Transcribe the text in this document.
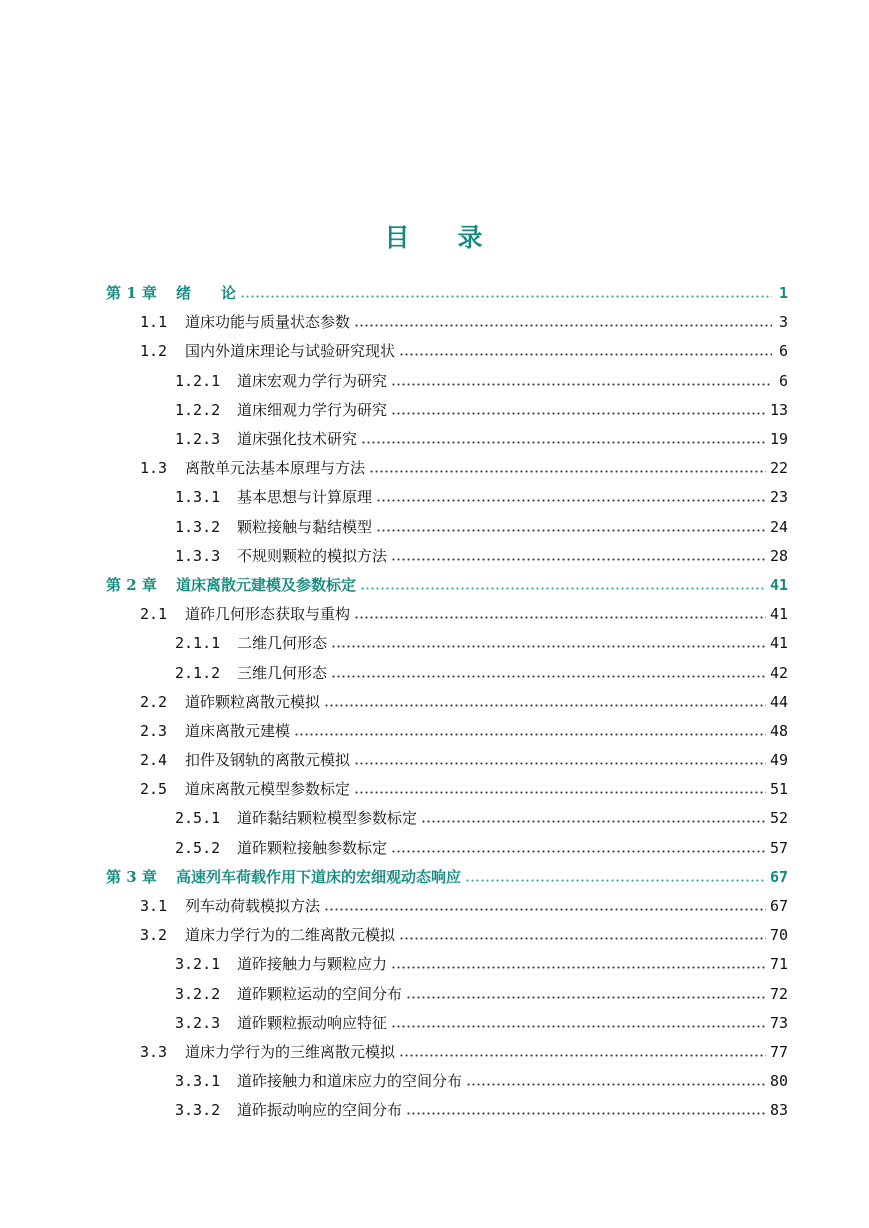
目 录
第 1 章	绪　　论	1
1.1	道床功能与质量状态参数	3
1.2	国内外道床理论与试验研究现状	6
1.2.1	道床宏观力学行为研究	6
1.2.2	道床细观力学行为研究	13
1.2.3	道床强化技术研究	19
1.3	离散单元法基本原理与方法	22
1.3.1	基本思想与计算原理	23
1.3.2	颗粒接触与黏结模型	24
1.3.3	不规则颗粒的模拟方法	28
第 2 章	道床离散元建模及参数标定	41
2.1	道砟几何形态获取与重构	41
2.1.1	二维几何形态	41
2.1.2	三维几何形态	42
2.2	道砟颗粒离散元模拟	44
2.3	道床离散元建模	48
2.4	扣件及钢轨的离散元模拟	49
2.5	道床离散元模型参数标定	51
2.5.1	道砟黏结颗粒模型参数标定	52
2.5.2	道砟颗粒接触参数标定	57
第 3 章	高速列车荷载作用下道床的宏细观动态响应	67
3.1	列车动荷载模拟方法	67
3.2	道床力学行为的二维离散元模拟	70
3.2.1	道砟接触力与颗粒应力	71
3.2.2	道砟颗粒运动的空间分布	72
3.2.3	道砟颗粒振动响应特征	73
3.3	道床力学行为的三维离散元模拟	77
3.3.1	道砟接触力和道床应力的空间分布	80
3.3.2	道砟振动响应的空间分布	83
